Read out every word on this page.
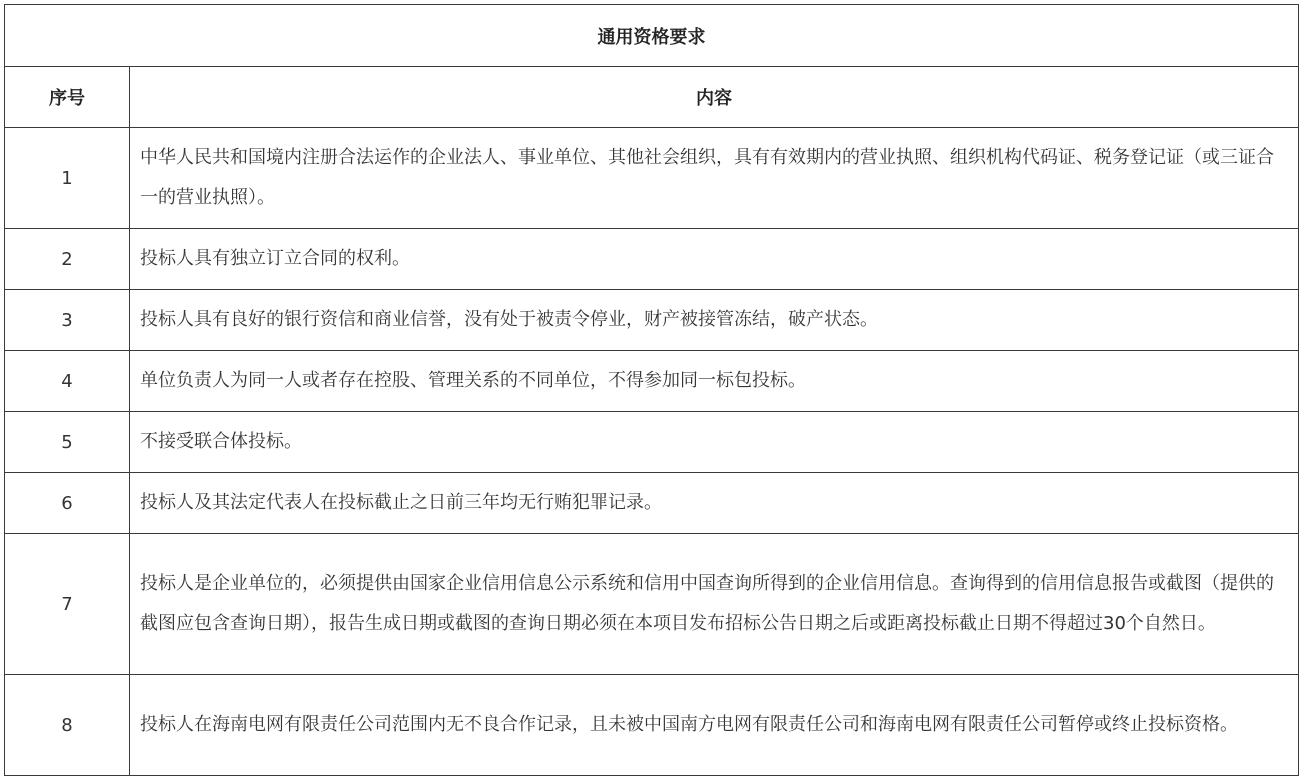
通用资格要求	
序号	内容
1	中华人民共和国境内注册合法运作的企业法人、事业单位、其他社会组织，具有有效期内的营业执照、组织机构代码证、税务登记证（或三证合一的营业执照）。
2	投标人具有独立订立合同的权利。
3	投标人具有良好的银行资信和商业信誉，没有处于被责令停业，财产被接管冻结，破产状态。
4	单位负责人为同一人或者存在控股、管理关系的不同单位，不得参加同一标包投标。
5	不接受联合体投标。
6	投标人及其法定代表人在投标截止之日前三年均无行贿犯罪记录。
7	投标人是企业单位的，必须提供由国家企业信用信息公示系统和信用中国查询所得到的企业信用信息。查询得到的信用信息报告或截图（提供的截图应包含查询日期），报告生成日期或截图的查询日期必须在本项目发布招标公告日期之后或距离投标截止日期不得超过30个自然日。
8	投标人在海南电网有限责任公司范围内无不良合作记录，且未被中国南方电网有限责任公司和海南电网有限责任公司暂停或终止投标资格。
